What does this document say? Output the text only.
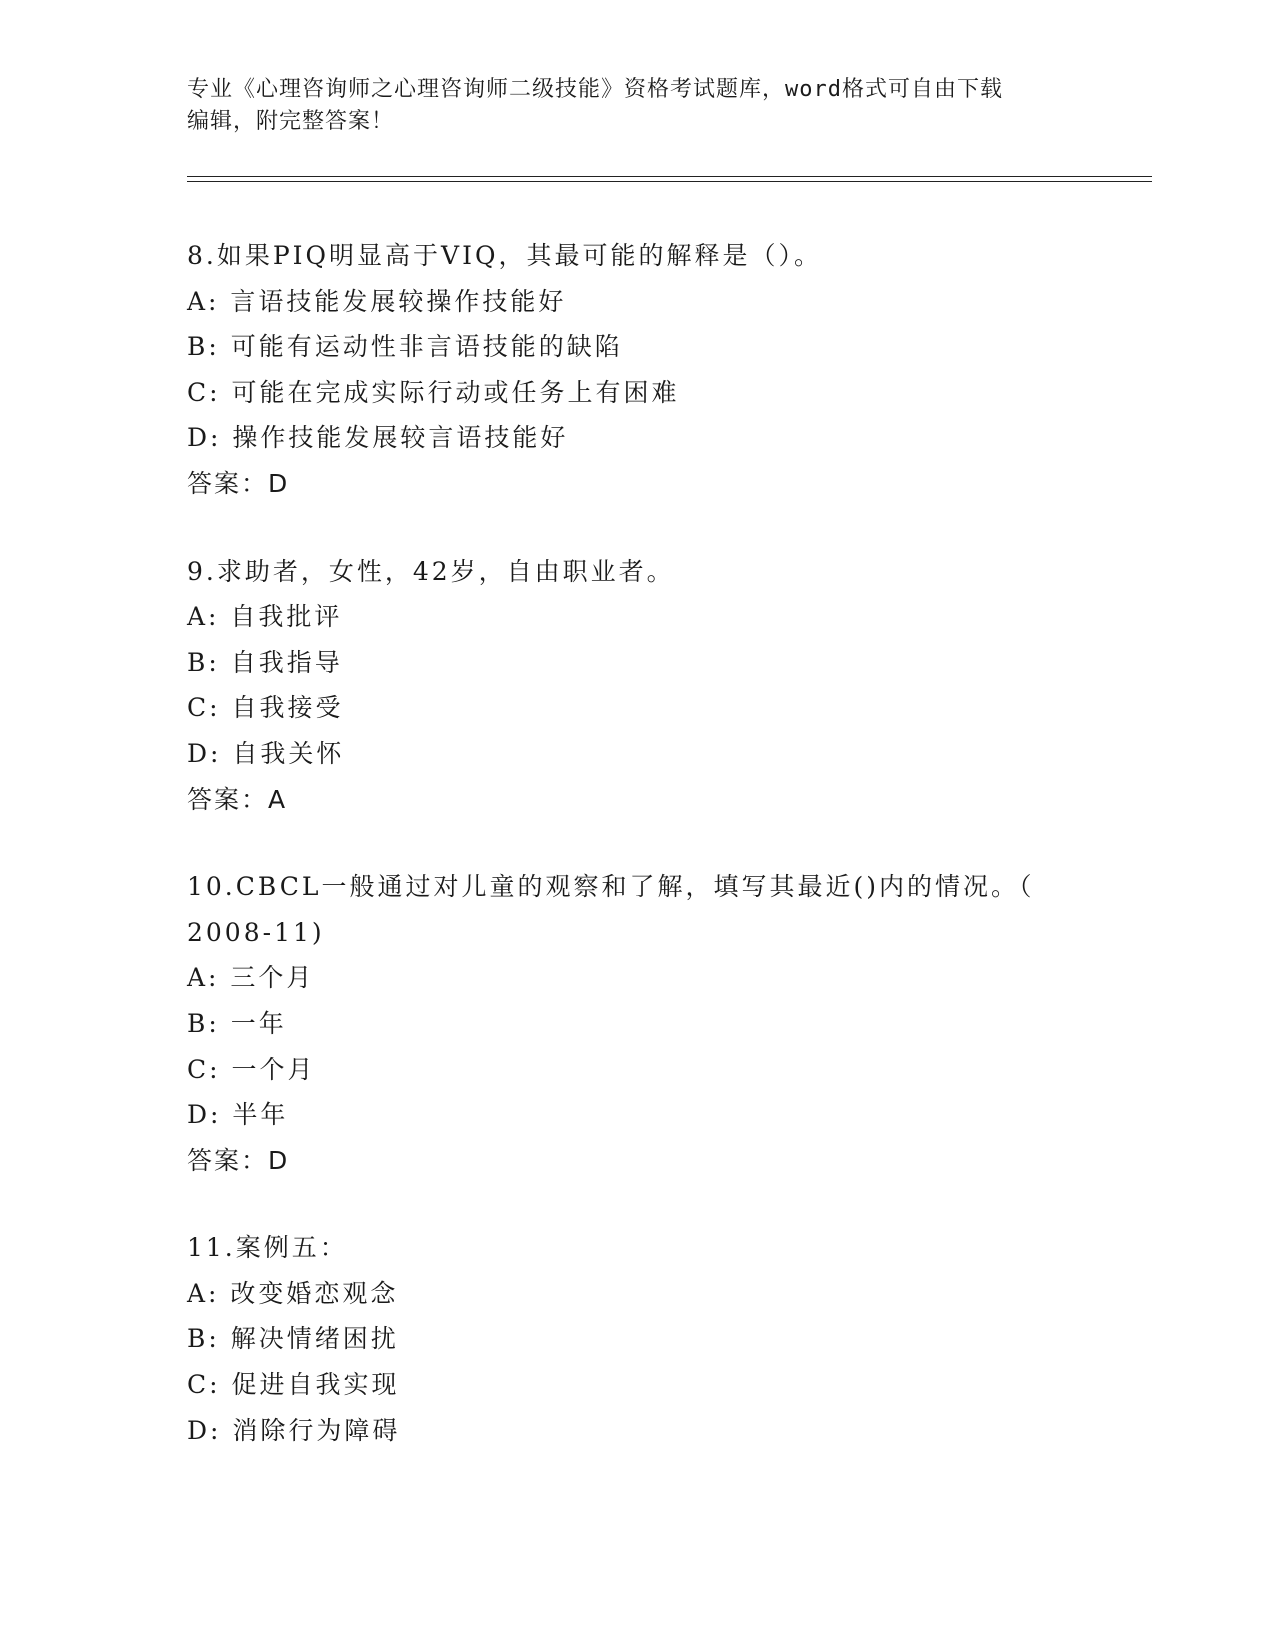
专业《心理咨询师之心理咨询师二级技能》资格考试题库，word格式可自由下载
编辑，附完整答案！
8.如果PIQ明显高于VIQ，其最可能的解释是（）。
A: 言语技能发展较操作技能好
B: 可能有运动性非言语技能的缺陷
C: 可能在完成实际行动或任务上有困难
D: 操作技能发展较言语技能好
答案：D
9.求助者，女性，42岁，自由职业者。
A: 自我批评
B: 自我指导
C: 自我接受
D: 自我关怀
答案：A
10.CBCL一般通过对儿童的观察和了解，填写其最近()内的情况。（
2008-11)
A: 三个月
B: 一年
C: 一个月
D: 半年
答案：D
11.案例五：
A: 改变婚恋观念
B: 解决情绪困扰
C: 促进自我实现
D: 消除行为障碍
